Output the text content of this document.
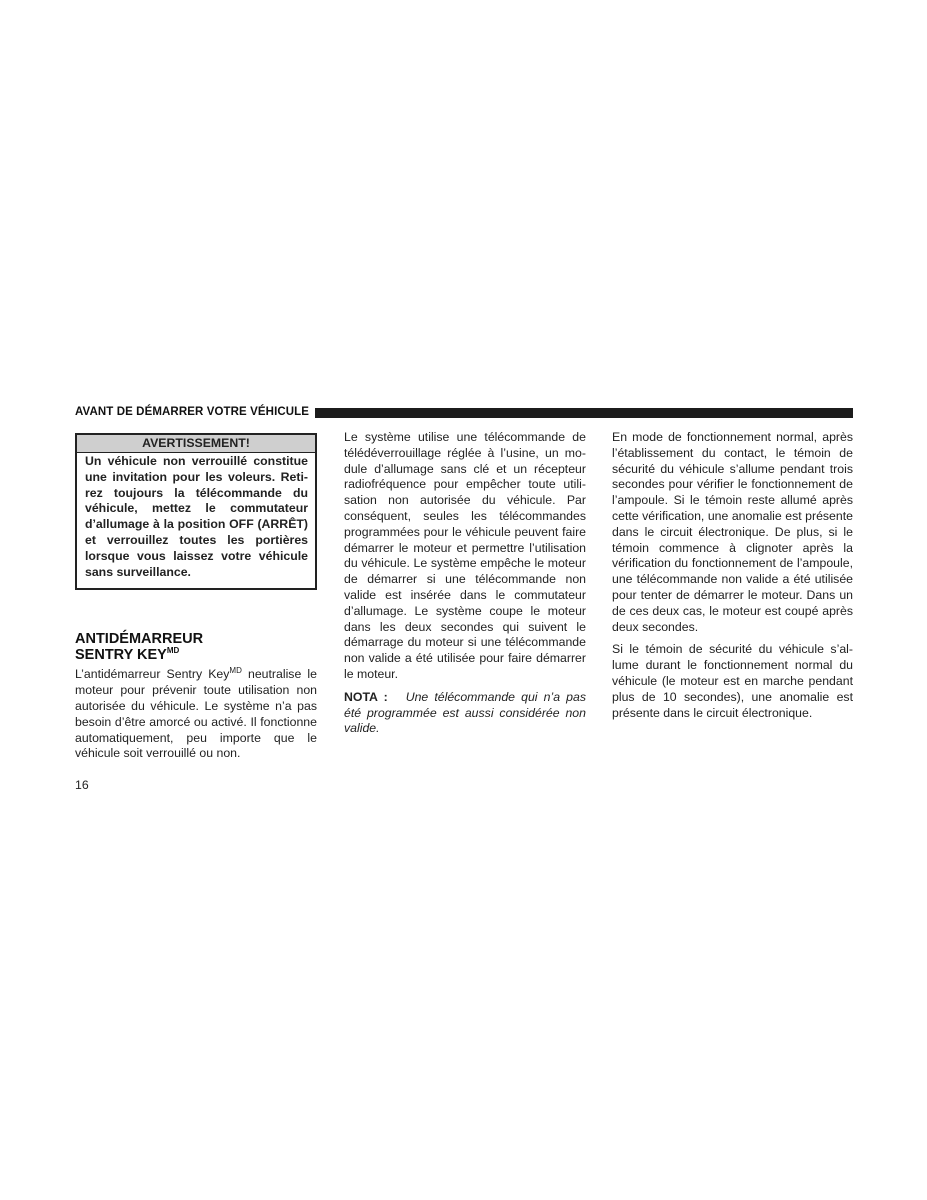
AVANT DE DÉMARRER VOTRE VÉHICULE
AVERTISSEMENT!
Un véhicule non verrouillé constitue une invitation pour les voleurs. Retirez toujours la télécommande du véhicule, mettez le commutateur d’allumage à la position OFF (ARRÊT) et verrouillez toutes les portières lorsque vous laissez votre véhicule sans surveillance.
ANTIDÉMARREUR
SENTRY $KEY^{MD}$

L’antidémarreur Sentry Key$^{MD}$ neutralise le moteur pour prévenir toute utilisation non autorisée du véhicule. Le système n’a pas besoin d’être amorcé ou activé. Il fonctionne automatiquement, peu importe que le véhicule soit verrouillé ou non.

Le système utilise une télécommande de télédéverrouillage réglée à l’usine, un module d’allumage sans clé et un récepteur radiofréquence pour empêcher toute utilisation non autorisée du véhicule. Par conséquent, seules les télécommandes programmées pour le véhicule peuvent faire démarrer le moteur et permettre l’utilisation du véhicule. Le système empêche le moteur de démarrer si une télécommande non valide est insérée dans le commutateur d’allumage. Le système coupe le moteur dans les deux secondes qui suivent le démarrage du moteur si une télécommande non valide a été utilisée pour faire démarrer le moteur.

NOTA : Une télécommande qui n’a pas été programmée est aussi considérée non valide.

En mode de fonctionnement normal, après l’établissement du contact, le témoin de sécurité du véhicule s’allume pendant trois secondes pour vérifier le fonctionnement de l’ampoule. Si le témoin reste allumé après cette vérification, une anomalie est présente dans le circuit électronique. De plus, si le témoin commence à clignoter après la vérification du fonctionnement de l’ampoule, une télécommande non valide a été utilisée pour tenter de démarrer le moteur. Dans un de ces deux cas, le moteur est coupé après deux secondes.

Si le témoin de sécurité du véhicule s’allume durant le fonctionnement normal du véhicule (le moteur est en marche pendant plus de 10 secondes), une anomalie est présente dans le circuit électronique.

16
